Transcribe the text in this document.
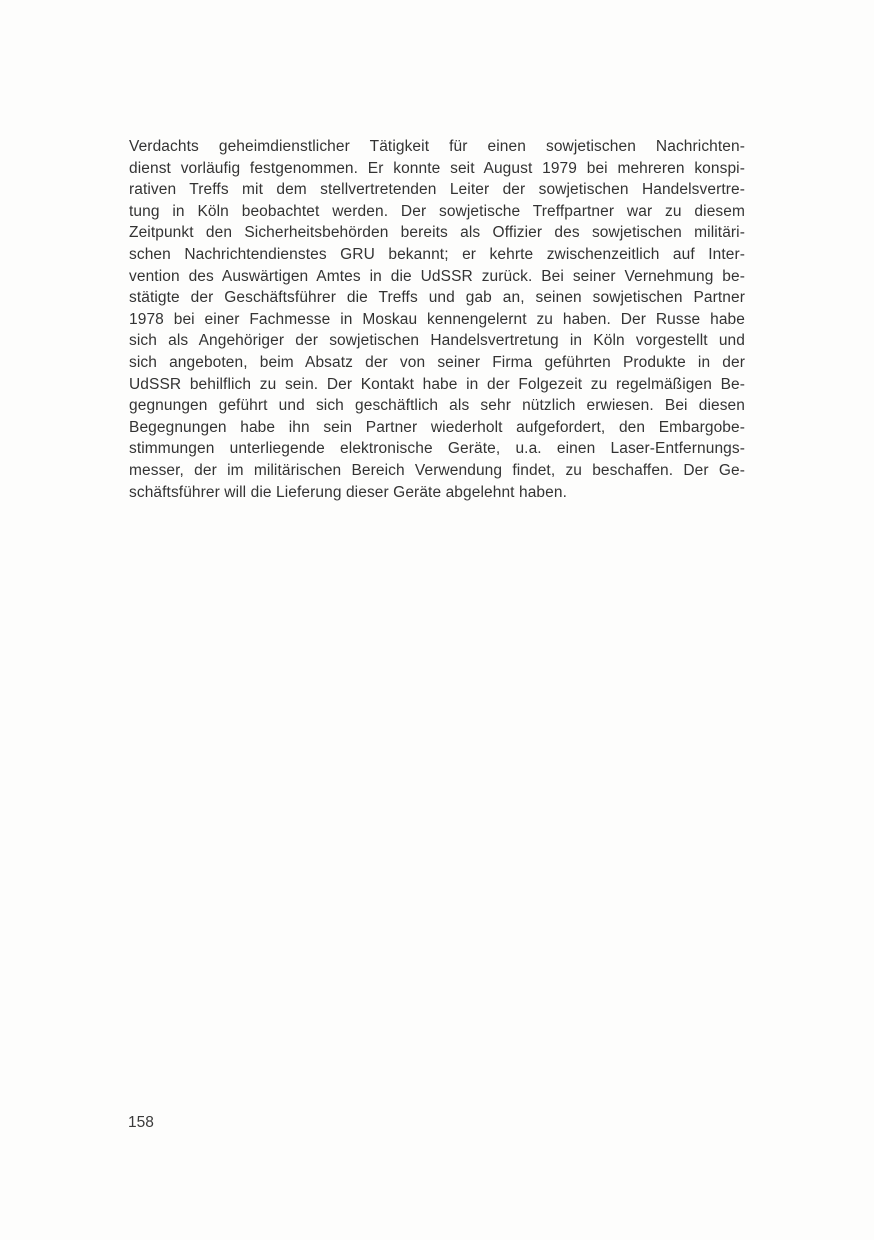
Verdachts geheimdienstlicher Tätigkeit für einen sowjetischen Nachrichten-
dienst vorläufig festgenommen. Er konnte seit August 1979 bei mehreren konspi-
rativen Treffs mit dem stellvertretenden Leiter der sowjetischen Handelsvertre-
tung in Köln beobachtet werden. Der sowjetische Treffpartner war zu diesem
Zeitpunkt den Sicherheitsbehörden bereits als Offizier des sowjetischen militäri-
schen Nachrichtendienstes GRU bekannt; er kehrte zwischenzeitlich auf Inter-
vention des Auswärtigen Amtes in die UdSSR zurück. Bei seiner Vernehmung be-
stätigte der Geschäftsführer die Treffs und gab an, seinen sowjetischen Partner
1978 bei einer Fachmesse in Moskau kennengelernt zu haben. Der Russe habe
sich als Angehöriger der sowjetischen Handelsvertretung in Köln vorgestellt und
sich angeboten, beim Absatz der von seiner Firma geführten Produkte in der
UdSSR behilflich zu sein. Der Kontakt habe in der Folgezeit zu regelmäßigen Be-
gegnungen geführt und sich geschäftlich als sehr nützlich erwiesen. Bei diesen
Begegnungen habe ihn sein Partner wiederholt aufgefordert, den Embargobe-
stimmungen unterliegende elektronische Geräte, u.a. einen Laser-Entfernungs-
messer, der im militärischen Bereich Verwendung findet, zu beschaffen. Der Ge-
schäftsführer will die Lieferung dieser Geräte abgelehnt haben.
158
